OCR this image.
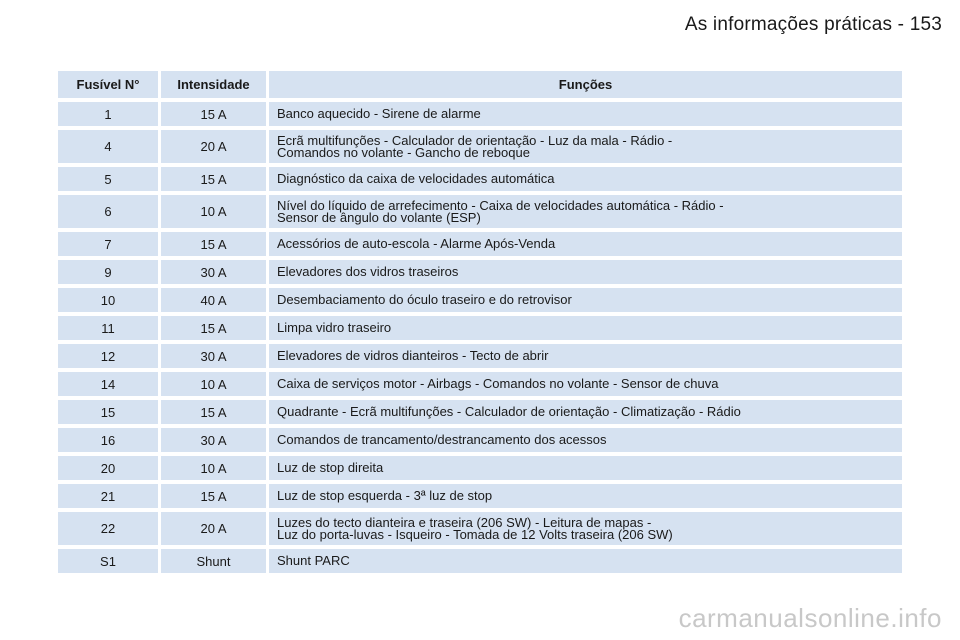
As informações práticas - 153
Fusível N°	Intensidade	Funções
1	15 A	Banco aquecido - Sirene de alarme

4	20 A	Ecrã multifunções - Calculador de orientação - Luz da mala - Rádio -
Comandos no volante - Gancho de reboque

5	15 A	Diagnóstico da caixa de velocidades automática

6	10 A	Nível do líquido de arrefecimento - Caixa de velocidades automática - Rádio -
Sensor de ângulo do volante (ESP)

7	15 A	Acessórios de auto-escola - Alarme Após-Venda

9	30 A	Elevadores dos vidros traseiros

10	40 A	Desembaciamento do óculo traseiro e do retrovisor

11	15 A	Limpa vidro traseiro

12	30 A	Elevadores de vidros dianteiros - Tecto de abrir

14	10 A	Caixa de serviços motor - Airbags - Comandos no volante - Sensor de chuva

15	15 A	Quadrante - Ecrã multifunções - Calculador de orientação - Climatização - Rádio

16	30 A	Comandos de trancamento/destrancamento dos acessos

20	10 A	Luz de stop direita

21	15 A	Luz de stop esquerda - 3ª luz de stop

22	20 A	Luzes do tecto dianteira e traseira (206 SW) - Leitura de mapas -
Luz do porta-luvas - Isqueiro - Tomada de 12 Volts traseira (206 SW)

S1	Shunt	Shunt PARC
carmanualsonline.info
